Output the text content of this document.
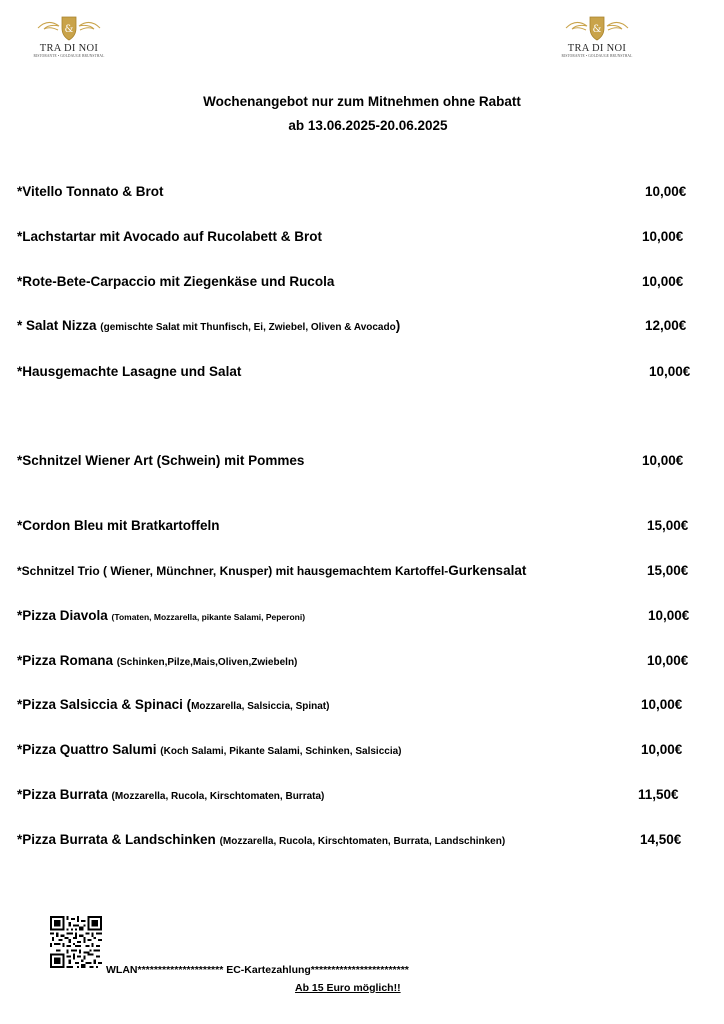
&
TRA DI NOI
RISTORANTE • GOLDAUGE BRUNSTHAL
&
TRA DI NOI
RISTORANTE • GOLDAUGE BRUNSTHAL
Wochenangebot nur zum Mitnehmen ohne Rabatt
ab 13.06.2025-20.06.2025
*Vitello Tonnato & Brot	10,00€
*Lachstartar mit Avocado auf Rucolabett & Brot	10,00€
*Rote-Bete-Carpaccio mit Ziegenkäse und Rucola	10,00€
* Salat Nizza (gemischte Salat mit Thunfisch, Ei, Zwiebel, Oliven & Avocado)	12,00€
*Hausgemachte Lasagne und Salat	10,00€
*Schnitzel Wiener Art (Schwein) mit Pommes	10,00€
*Cordon Bleu mit Bratkartoffeln	15,00€
*Schnitzel Trio ( Wiener, Münchner, Knusper) mit hausgemachtem Kartoffel-Gurkensalat	15,00€
*Pizza Diavola (Tomaten, Mozzarella, pikante Salami, Peperoni)	10,00€
*Pizza Romana (Schinken,Pilze,Mais,Oliven,Zwiebeln)	10,00€
*Pizza Salsiccia & Spinaci (Mozzarella, Salsiccia, Spinat)	10,00€
*Pizza Quattro Salumi (Koch Salami, Pikante Salami, Schinken, Salsiccia)	10,00€
*Pizza Burrata (Mozzarella, Rucola, Kirschtomaten, Burrata)	11,50€
*Pizza Burrata & Landschinken (Mozzarella, Rucola, Kirschtomaten, Burrata, Landschinken)	14,50€
WLAN********************* EC-Kartezahlung************************
Ab 15 Euro möglich!!
